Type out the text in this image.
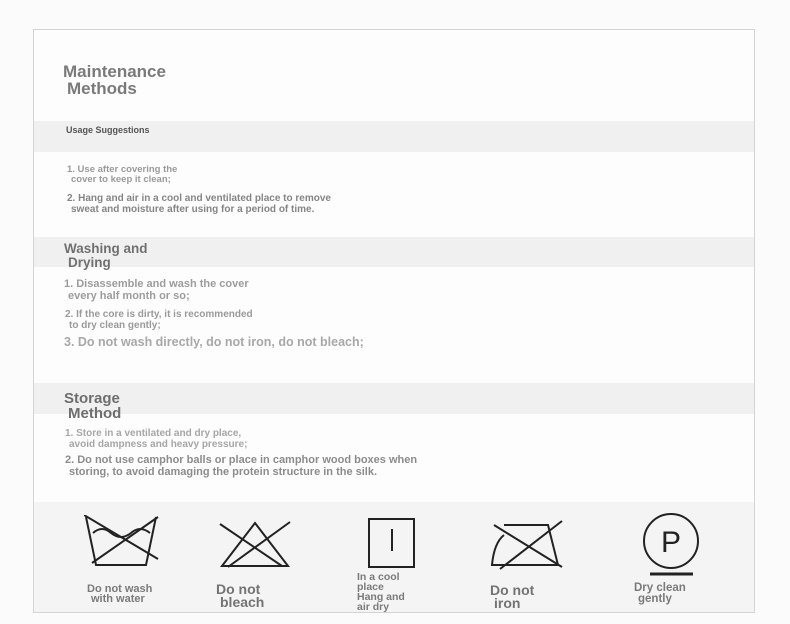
Maintenance

Methods
Usage Suggestions
1. Use after covering the

cover to keep it clean;
2. Hang and air in a cool and ventilated place to remove

sweat and moisture after using for a period of time.
Washing and

Drying
1. Disassemble and wash the cover

every half month or so;
2. If the core is dirty, it is recommended

to dry clean gently;
3. Do not wash directly, do not iron, do not bleach;
Storage

Method
1. Store in a ventilated and dry place,

avoid dampness and heavy pressure;
2. Do not use camphor balls or place in camphor wood boxes when

storing, to avoid damaging the protein structure in the silk.
Do not wash

with water
Do not

bleach
In a cool
place
Hang and
air dry
Do not

iron
P
Dry clean

gently
